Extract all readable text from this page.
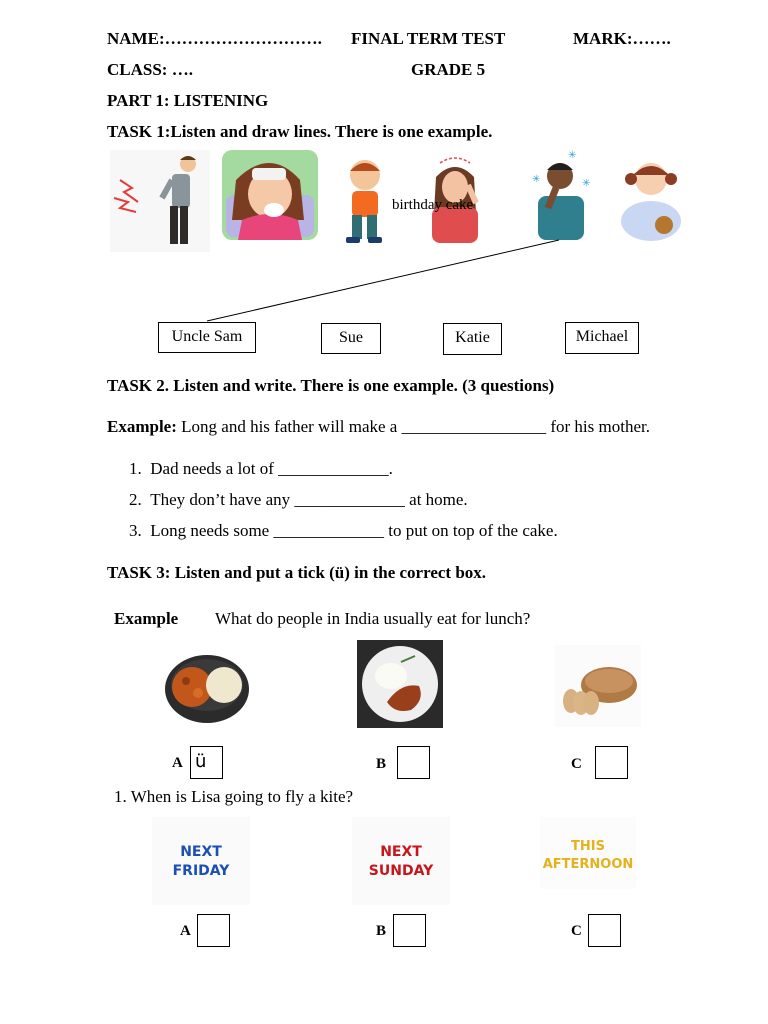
NAME:………………………. FINAL TERM TEST	MARK:…….
CLASS: ….	GRADE 5
PART 1: LISTENING
TASK 1:Listen and draw lines. There is one example.
birthday cake
✳
✳
✳
Uncle Sam	Sue	Katie	Michael
TASK 2. Listen and write. There is one example. (3 questions)
Example: Long and his father will make a _________________ for his mother.
1. Dad needs a lot of _____________.
2. They don’t have any _____________ at home.
3. Long needs some _____________ to put on top of the cake.
TASK 3: Listen and put a tick (ü) in the correct box.
Example What do people in India usually eat for lunch?
A ü	B	C
1. When is Lisa going to fly a kite?
NEXT
FRIDAY
NEXT
SUNDAY
THIS
AFTERNOON
A	B	C
